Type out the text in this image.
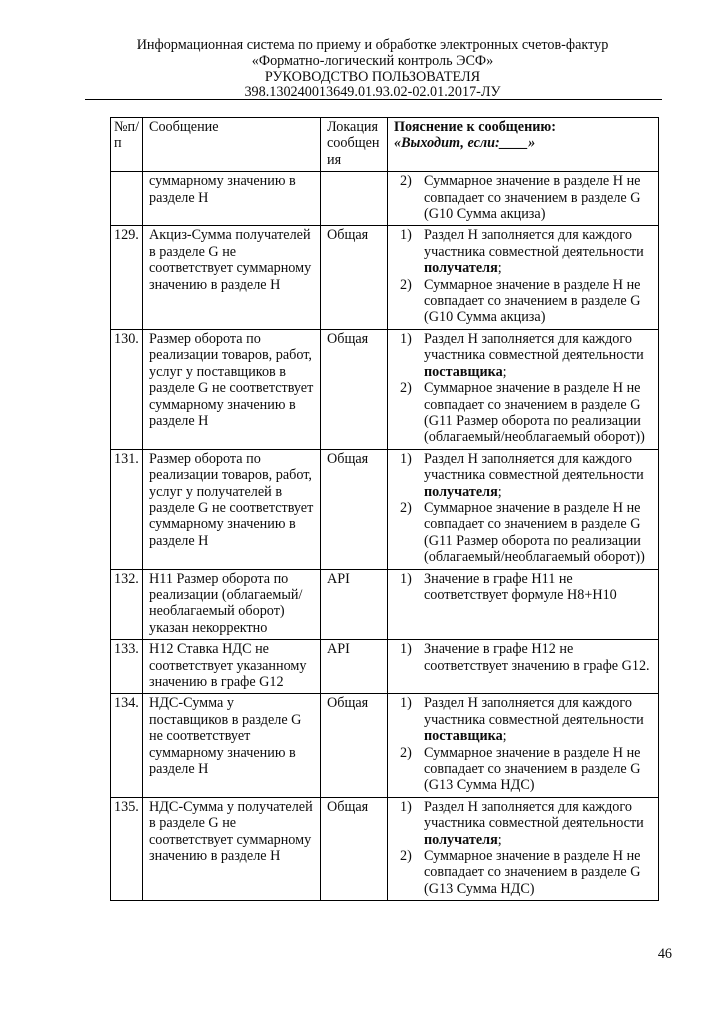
Информационная система по приему и обработке электронных счетов-фактур
«Форматно-логический контроль ЭСФ»
РУКОВОДСТВО ПОЛЬЗОВАТЕЛЯ
398.130240013649.01.93.02-02.01.2017-ЛУ
№п/п	Сообщение	Локация сообщения	Пояснение к сообщению:
«Выходит, если:____»

	суммарному значению в разделе H		2) Суммарное значение в разделе H не совпадает со значением в разделе G (G10 Сумма акциза)

129.	Акциз-Сумма получателей в разделе G не соответствует суммарному значению в разделе H	Общая	1) Раздел H заполняется для каждого участника совместной деятельности получателя;
2) Суммарное значение в разделе H не совпадает со значением в разделе G (G10 Сумма акциза)

130.	Размер оборота по реализации товаров, работ, услуг у поставщиков в разделе G не соответствует суммарному значению в разделе H	Общая	1) Раздел H заполняется для каждого участника совместной деятельности поставщика;
2) Суммарное значение в разделе H не совпадает со значением в разделе G (G11 Размер оборота по реализации (облагаемый/необлагаемый оборот))

131.	Размер оборота по реализации товаров, работ, услуг у получателей в разделе G не соответствует суммарному значению в разделе H	Общая	1) Раздел H заполняется для каждого участника совместной деятельности получателя;
2) Суммарное значение в разделе H не совпадает со значением в разделе G (G11 Размер оборота по реализации (облагаемый/необлагаемый оборот))

132.	H11 Размер оборота по реализации (облагаемый/необлагаемый оборот) указан некорректно	API	1) Значение в графе H11 не соответствует формуле H8+H10

133.	H12 Ставка НДС не соответствует указанному значению в графе G12	API	1) Значение в графе H12 не соответствует значению в графе G12.

134.	НДС-Сумма у поставщиков в разделе G не соответствует суммарному значению в разделе H	Общая	1) Раздел H заполняется для каждого участника совместной деятельности поставщика;
2) Суммарное значение в разделе H не совпадает со значением в разделе G (G13 Сумма НДС)

135.	НДС-Сумма у получателей в разделе G не соответствует суммарному значению в разделе H	Общая	1) Раздел H заполняется для каждого участника совместной деятельности получателя;
2) Суммарное значение в разделе H не совпадает со значением в разделе G (G13 Сумма НДС)
46
